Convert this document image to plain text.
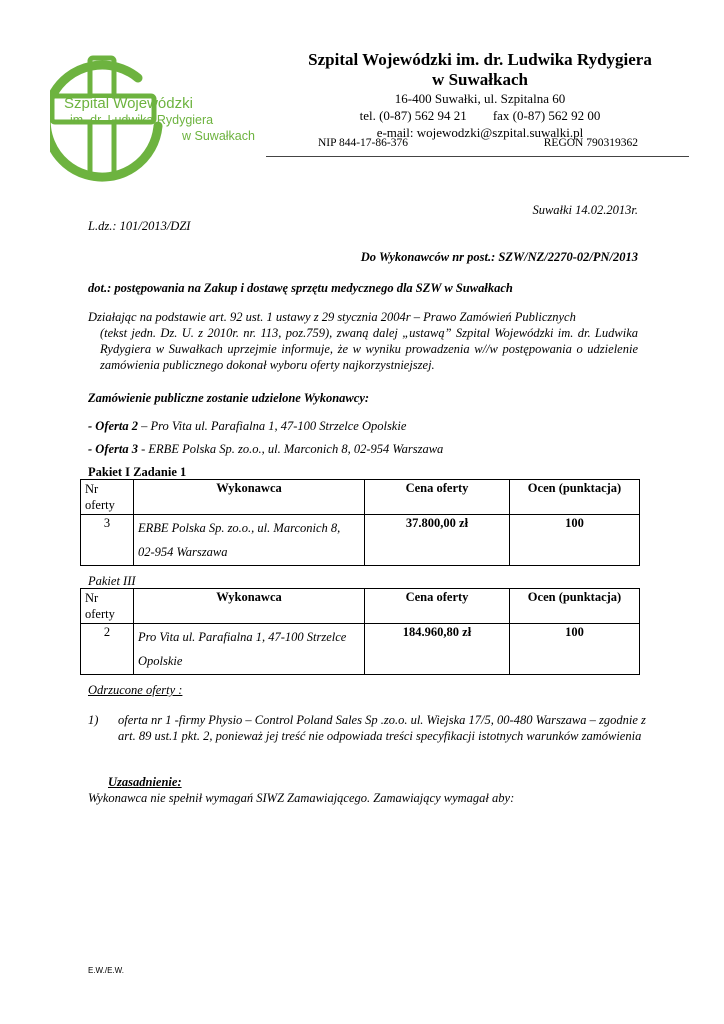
Szpital Wojewódzki
im. dr. Ludwika Rydygiera
w Suwałkach
Szpital Wojewódzki im. dr. Ludwika Rydygiera
w Suwałkach
16-400 Suwałki, ul. Szpitalna 60
tel. (0-87) 562 94 21 fax (0-87) 562 92 00
e-mail: wojewodzki@szpital.suwalki.pl
NIP 844-17-86-376	REGON 790319362
Suwałki 14.02.2013r.
L.dz.: 101/2013/DZI
Do Wykonawców nr post.: SZW/NZ/2270-02/PN/2013
dot.: postępowania na Zakup i dostawę sprzętu medycznego dla SZW w Suwałkach
Działając na podstawie art. 92 ust. 1 ustawy z 29 stycznia 2004r – Prawo Zamówień Publicznych
(tekst jedn. Dz. U. z 2010r. nr. 113, poz.759), zwaną dalej „ustawą” Szpital Wojewódzki im. dr. Ludwika Rydygiera w Suwałkach uprzejmie informuje, że w wyniku prowadzenia w//w postępowania o udzielenie zamówienia publicznego dokonał wyboru oferty najkorzystniejszej.
Zamówienie publiczne zostanie udzielone Wykonawcy:
- Oferta 2 – Pro Vita ul. Parafialna 1, 47-100 Strzelce Opolskie
- Oferta 3 - ERBE Polska Sp. zo.o., ul. Marconich 8, 02-954 Warszawa
Pakiet I Zadanie 1
Nr oferty	Wykonawca	Cena oferty	Ocen (punktacja)
3	ERBE Polska Sp. zo.o., ul. Marconich 8, 02-954 Warszawa	37.800,00 zł	100
Pakiet III
Nr oferty	Wykonawca	Cena oferty	Ocen (punktacja)
2	Pro Vita ul. Parafialna 1, 47-100 Strzelce Opolskie	184.960,80 zł	100
Odrzucone oferty :
1) oferta nr 1 -firmy Physio – Control Poland Sales Sp .zo.o. ul. Wiejska 17/5, 00-480 Warszawa – zgodnie z art. 89 ust.1 pkt. 2, ponieważ jej treść nie odpowiada treści specyfikacji istotnych warunków zamówienia
Uzasadnienie:
Wykonawca nie spełnił wymagań SIWZ Zamawiającego. Zamawiający wymagał aby:
E.W./E.W.
